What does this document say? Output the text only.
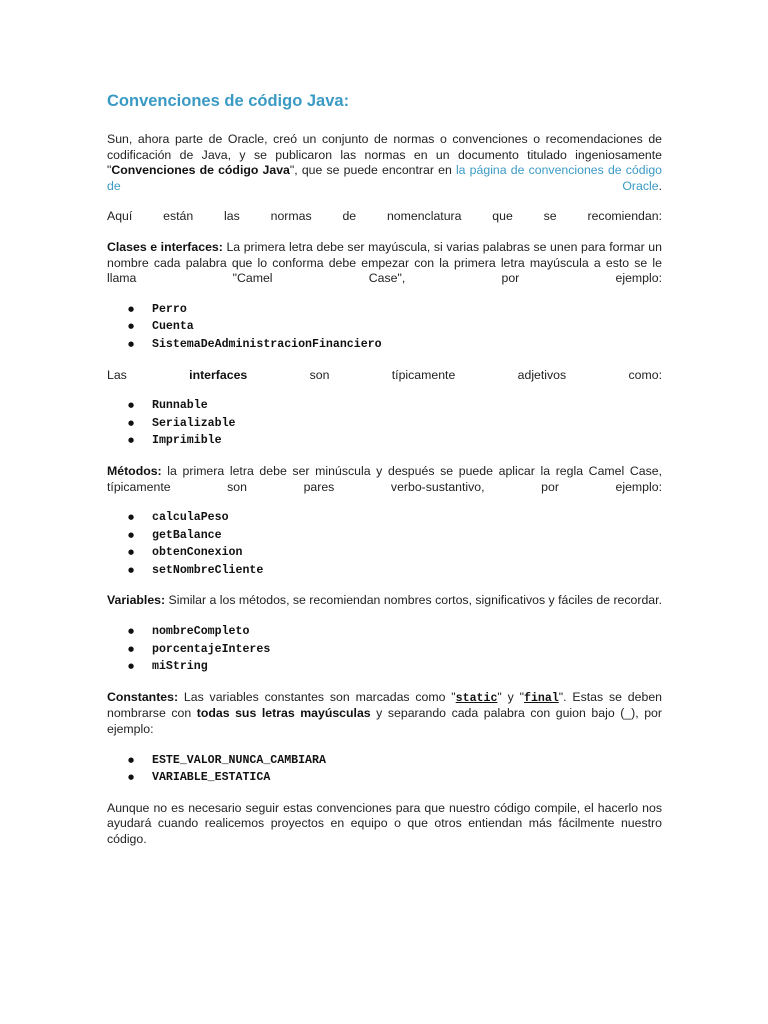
Convenciones de código Java:

Sun, ahora parte de Oracle, creó un conjunto de normas o convenciones o recomendaciones de codificación de Java, y se publicaron las normas en un documento titulado ingeniosamente "Convenciones de código Java", que se puede encontrar en la página de convenciones de código de Oracle.

Aquí están las normas de nomenclatura que se recomiendan:

Clases e interfaces: La primera letra debe ser mayúscula, si varias palabras se unen para formar un nombre cada palabra que lo conforma debe empezar con la primera letra mayúscula a esto se le llama "Camel Case", por ejemplo:

● Perro
● Cuenta
● SistemaDeAdministracionFinanciero

Las interfaces son típicamente adjetivos como:

● Runnable
● Serializable
● Imprimible

Métodos: la primera letra debe ser minúscula y después se puede aplicar la regla Camel Case, típicamente son pares verbo-sustantivo, por ejemplo:

● calculaPeso
● getBalance
● obtenConexion
● setNombreCliente

Variables: Similar a los métodos, se recomiendan nombres cortos, significativos y fáciles de recordar.

● nombreCompleto
● porcentajeInteres
● miString

Constantes: Las variables constantes son marcadas como "static" y "final". Estas se deben nombrarse con todas sus letras mayúsculas y separando cada palabra con guion bajo (_), por ejemplo:

● ESTE_VALOR_NUNCA_CAMBIARA
● VARIABLE_ESTATICA

Aunque no es necesario seguir estas convenciones para que nuestro código compile, el hacerlo nos ayudará cuando realicemos proyectos en equipo o que otros entiendan más fácilmente nuestro código.
